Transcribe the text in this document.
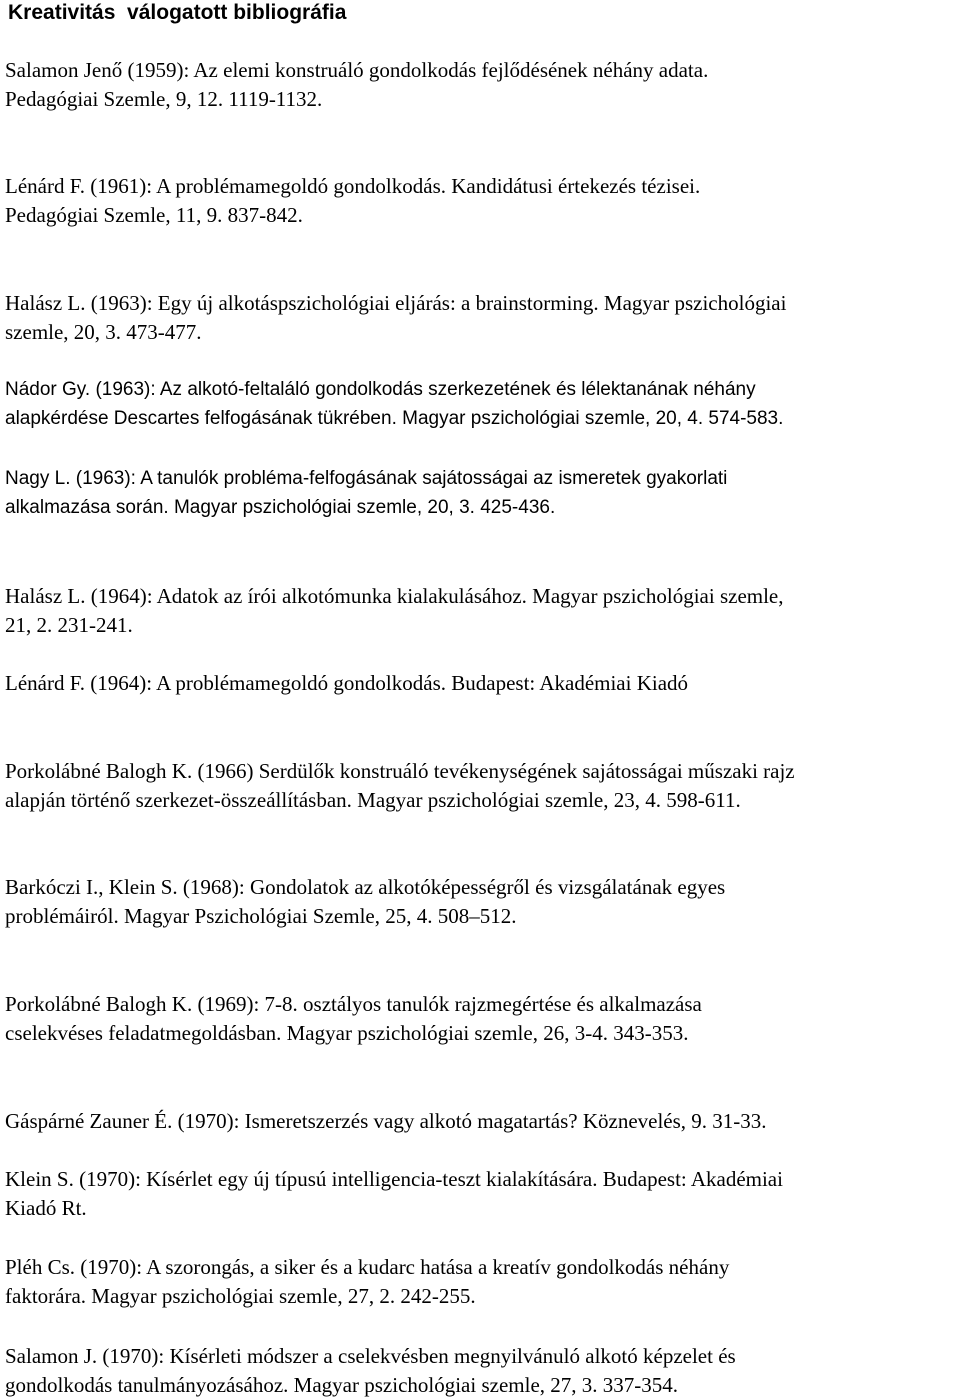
Kreativitás  válogatott bibliográfia
Salamon Jenő (1959): Az elemi konstruáló gondolkodás fejlődésének néhány adata.
Pedagógiai Szemle, 9, 12. 1119-1132.
Lénárd F. (1961): A problémamegoldó gondolkodás. Kandidátusi értekezés tézisei.
Pedagógiai Szemle, 11, 9. 837-842.
Halász L. (1963): Egy új alkotáspszichológiai eljárás: a brainstorming. Magyar pszichológiai
szemle, 20, 3. 473-477.
Nádor Gy. (1963): Az alkotó-feltaláló gondolkodás szerkezetének és lélektanának néhány
alapkérdése Descartes felfogásának tükrében. Magyar pszichológiai szemle, 20, 4. 574-583.
Nagy L. (1963): A tanulók probléma-felfogásának sajátosságai az ismeretek gyakorlati
alkalmazása során. Magyar pszichológiai szemle, 20, 3. 425-436.
Halász L. (1964): Adatok az írói alkotómunka kialakulásához. Magyar pszichológiai szemle,
21, 2. 231-241.
Lénárd F. (1964): A problémamegoldó gondolkodás. Budapest: Akadémiai Kiadó
Porkolábné Balogh K. (1966) Serdülők konstruáló tevékenységének sajátosságai műszaki rajz
alapján történő szerkezet-összeállításban. Magyar pszichológiai szemle, 23, 4. 598-611.
Barkóczi I., Klein S. (1968): Gondolatok az alkotóképességről és vizsgálatának egyes
problémáiról. Magyar Pszichológiai Szemle, 25, 4. 508–512.
Porkolábné Balogh K. (1969): 7-8. osztályos tanulók rajzmegértése és alkalmazása
cselekvéses feladatmegoldásban. Magyar pszichológiai szemle, 26, 3-4. 343-353.
Gáspárné Zauner É. (1970): Ismeretszerzés vagy alkotó magatartás? Köznevelés, 9. 31-33.
Klein S. (1970): Kísérlet egy új típusú intelligencia-teszt kialakítására. Budapest: Akadémiai
Kiadó Rt.
Pléh Cs. (1970): A szorongás, a siker és a kudarc hatása a kreatív gondolkodás néhány
faktorára. Magyar pszichológiai szemle, 27, 2. 242-255.
Salamon J. (1970): Kísérleti módszer a cselekvésben megnyilvánuló alkotó képzelet és
gondolkodás tanulmányozásához. Magyar pszichológiai szemle, 27, 3. 337-354.
